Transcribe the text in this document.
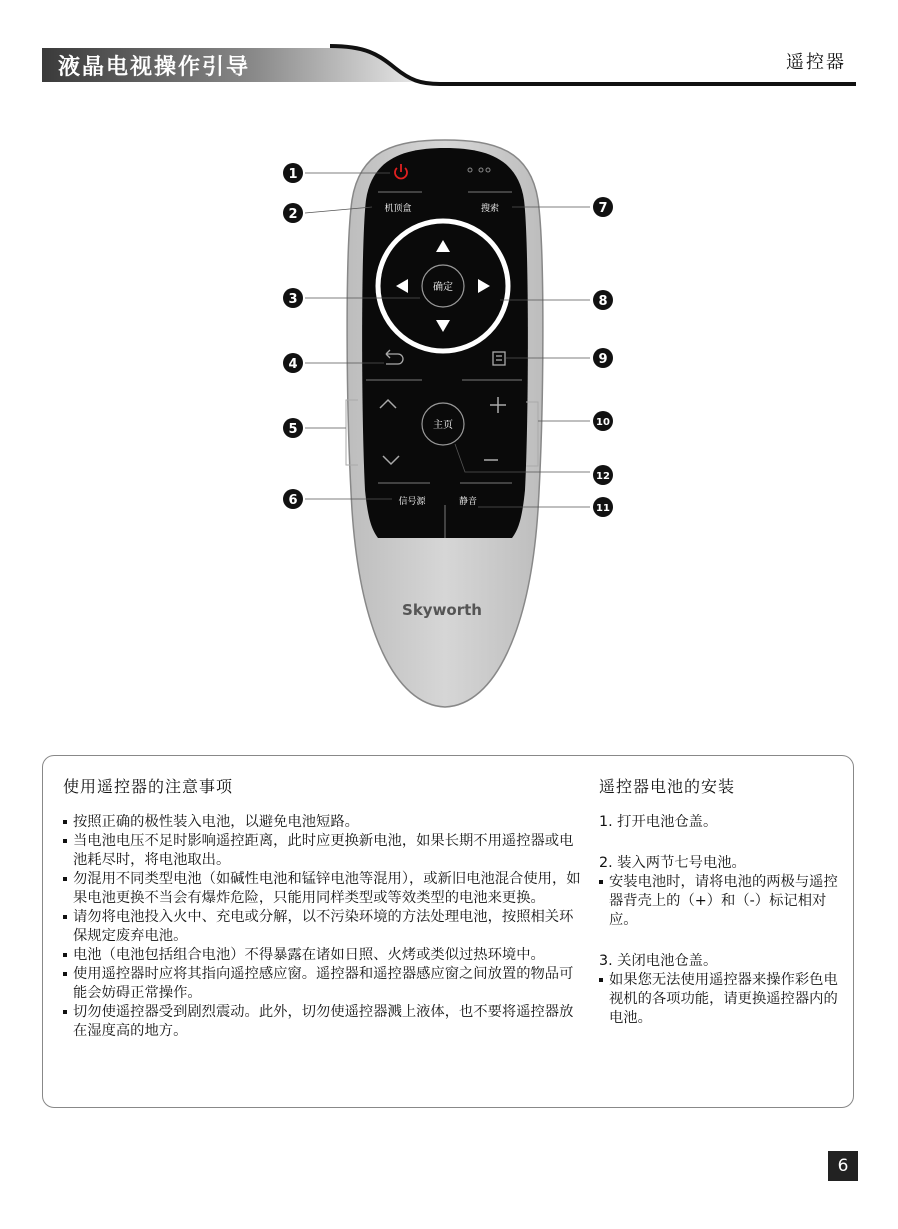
液晶电视操作引导	遥控器
机顶盒	搜索
确定
主页
信号源	静音
Skyworth
1
2
3
4
5
6
7
8
9
10
11
12
使用遥控器的注意事项
按照正确的极性装入电池，以避免电池短路。
当电池电压不足时影响遥控距离，此时应更换新电池，如果长期不用遥控器或电池耗尽时，将电池取出。
勿混用不同类型电池（如碱性电池和锰锌电池等混用），或新旧电池混合使用，如果电池更换不当会有爆炸危险，只能用同样类型或等效类型的电池来更换。
请勿将电池投入火中、充电或分解，以不污染环境的方法处理电池，按照相关环保规定废弃电池。
电池（电池包括组合电池）不得暴露在诸如日照、火烤或类似过热环境中。
使用遥控器时应将其指向遥控感应窗。遥控器和遥控器感应窗之间放置的物品可能会妨碍正常操作。
切勿使遥控器受到剧烈震动。此外，切勿使遥控器溅上液体，也不要将遥控器放在湿度高的地方。
遥控器电池的安装
1. 打开电池仓盖。
2. 装入两节七号电池。
安装电池时，请将电池的两极与遥控器背壳上的（+）和（-）标记相对应。
3. 关闭电池仓盖。
如果您无法使用遥控器来操作彩色电视机的各项功能，请更换遥控器内的电池。
6
